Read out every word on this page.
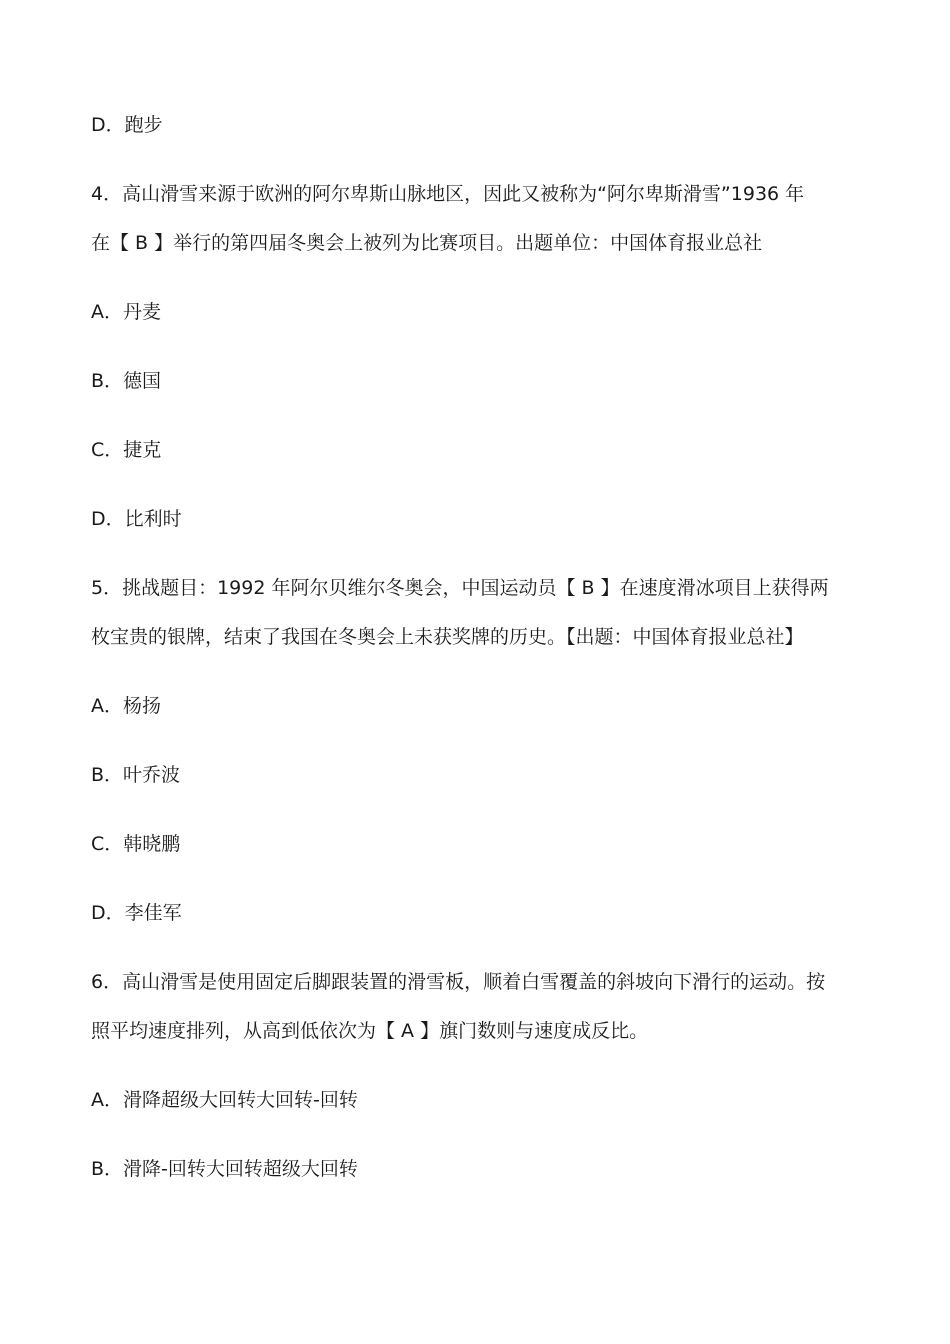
D．跑步
4．高山滑雪来源于欧洲的阿尔卑斯山脉地区，因此又被称为“阿尔卑斯滑雪”1936 年
在【 B 】举行的第四届冬奥会上被列为比赛项目。出题单位：中国体育报业总社
A．丹麦
B．德国
C．捷克
D．比利时
5．挑战题目：1992 年阿尔贝维尔冬奥会，中国运动员【 B 】在速度滑冰项目上获得两
枚宝贵的银牌，结束了我国在冬奥会上未获奖牌的历史。【出题：中国体育报业总社】
A．杨扬
B．叶乔波
C．韩晓鹏
D．李佳军
6．高山滑雪是使用固定后脚跟装置的滑雪板，顺着白雪覆盖的斜坡向下滑行的运动。按
照平均速度排列，从高到低依次为【 A 】旗门数则与速度成反比。
A．滑降超级大回转大回转-回转
B．滑降-回转大回转超级大回转
